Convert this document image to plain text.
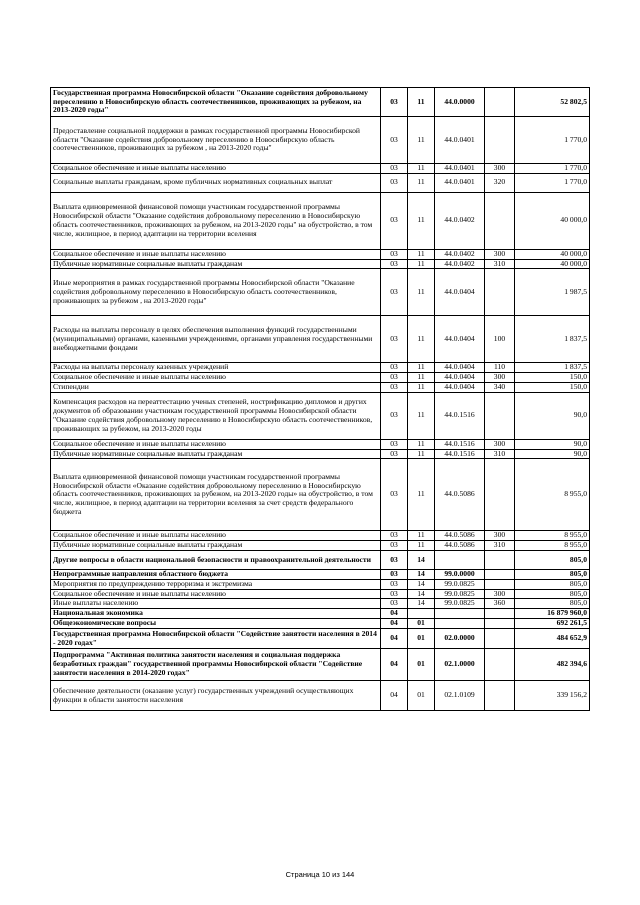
Государственная программа Новосибирской области "Оказание содействия добровольному переселению в Новосибирскую область соотечественников, проживающих за рубежом, на 2013-2020 годы"	03	11	44.0.0000		52 802,5
Предоставление социальной поддержки в рамках государственной программы Новосибирской области "Оказание содействия добровольному переселению в Новосибирскую область соотечественников, проживающих за рубежом , на 2013-2020 годы"	03	11	44.0.0401		1 770,0
Социальное обеспечение и иные выплаты населению	03	11	44.0.0401	300	1 770,0
Социальные выплаты гражданам, кроме публичных нормативных социальных выплат	03	11	44.0.0401	320	1 770,0
Выплата единовременной финансовой помощи участникам государственной программы Новосибирской области "Оказание содействия добровольному переселению в Новосибирскую область соотечественников, проживающих за рубежом, на 2013-2020 годы" на обустройство, в том числе, жилищное, в период адаптации на территории вселения	03	11	44.0.0402		40 000,0
Социальное обеспечение и иные выплаты населению	03	11	44.0.0402	300	40 000,0
Публичные нормативные социальные выплаты гражданам	03	11	44.0.0402	310	40 000,0
Иные мероприятия в рамках государственной программы Новосибирской области "Оказание содействия добровольному переселению в Новосибирскую область соотечественников, проживающих за рубежом , на 2013-2020 годы"	03	11	44.0.0404		1 987,5
Расходы на выплаты персоналу в целях обеспечения выполнения функций государственными (муниципальными) органами, казенными учреждениями, органами управления государственными внебюджетными фондами	03	11	44.0.0404	100	1 837,5
Расходы на выплаты персоналу казенных учреждений	03	11	44.0.0404	110	1 837,5
Социальное обеспечение и иные выплаты населению	03	11	44.0.0404	300	150,0
Стипендии	03	11	44.0.0404	340	150,0
Компенсация расходов на переаттестацию ученых степеней, нострификацию дипломов и других документов об образовании участникам государственной программы Новосибирской области "Оказание содействия добровольному переселению в Новосибирскую область соотечественников, проживающих за рубежом, на 2013-2020 годы	03	11	44.0.1516		90,0
Социальное обеспечение и иные выплаты населению	03	11	44.0.1516	300	90,0
Публичные нормативные социальные выплаты гражданам	03	11	44.0.1516	310	90,0
Выплата единовременной финансовой помощи участникам государственной программы Новосибирской области «Оказание содействия добровольному переселению в Новосибирскую область соотечественников, проживающих за рубежом, на 2013-2020 годы» на обустройство, в том числе, жилищное, в период адаптации на территории вселения за счет средств федерального бюджета	03	11	44.0.5086		8 955,0
Социальное обеспечение и иные выплаты населению	03	11	44.0.5086	300	8 955,0
Публичные нормативные социальные выплаты гражданам	03	11	44.0.5086	310	8 955,0
Другие вопросы в области национальной безопасности и правоохранительной деятельности	03	14			805,0
Непрограммные направления областного бюджета	03	14	99.0.0000		805,0
Мероприятия по предупреждению терроризма и экстремизма	03	14	99.0.0825		805,0
Социальное обеспечение и иные выплаты населению	03	14	99.0.0825	300	805,0
Иные выплаты населению	03	14	99.0.0825	360	805,0
Национальная экономика	04				16 879 960,0
Общеэкономические вопросы	04	01			692 261,5
Государственная программа Новосибирской области "Содействие занятости населения в 2014 - 2020 годах"	04	01	02.0.0000		484 652,9
Подпрограмма "Активная политика занятости населения и социальная поддержка безработных граждан" государственной программы Новосибирской области "Содействие занятости населения в 2014-2020 годах"	04	01	02.1.0000		482 394,6
Обеспечение деятельности (оказание услуг) государственных учреждений осуществляющих функции в области занятости населения	04	01	02.1.0109		339 156,2
Страница 10 из 144
